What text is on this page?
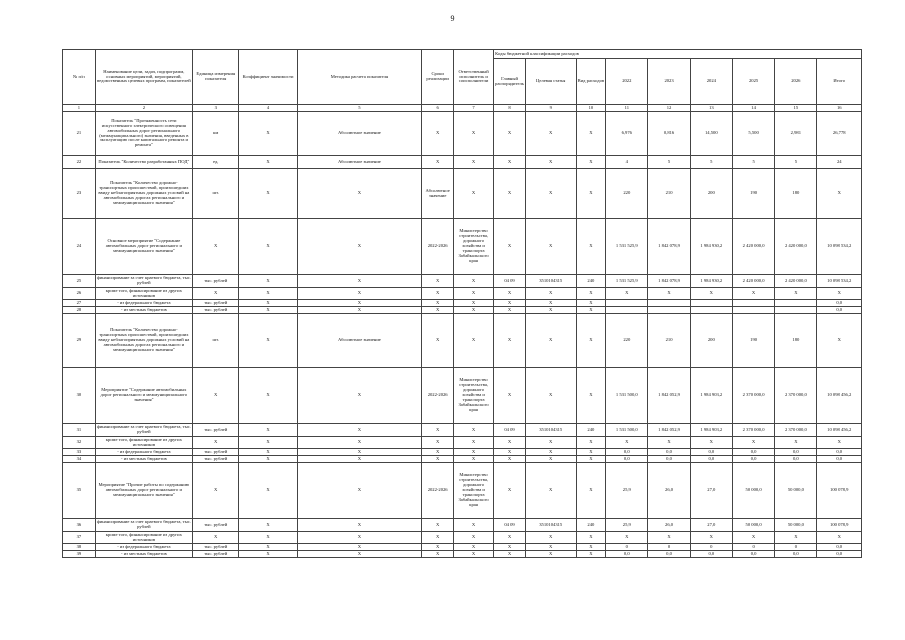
9
№ п/п	Наименование цели, задач, подпрограмм, основных мероприятий, мероприятий, ведомственных целевых программ, показателей	Единица измерения показателя	Коэффициент значимости	Методика расчета показателя	Сроки реализации	Ответственный исполнитель и соисполнители	Коды бюджетной классификации расходов								
							Главный распорядитель	Целевая статья	Вид расходов	2022	2023	2024	2025	2026	Итого
1	2	3	4	5	6	7	8	9	10	11	12	13	14	15	16
21	Показатель "Протяженность сети искусственного электрического освещения автомобильных дорог регионального (межмуниципального) значения, введенных в эксплуатацию после капитального ремонта и ремонта"	км	X	Абсолютное значение	X	X	X	X	X	6,976	0,816	14,500	5,500	2,981	26,778
22	Показатель "Количество разработанных ПОД"	ед.	X	Абсолютное значение	X	X	X	X	X	4	5	5	5	5	24
23	Показатель "Количество дорожно-транспортных происшествий, произошедших ввиду неблагоприятных дорожных условий на автомобильных дорогах регионального и межмуниципального значения"	шт.	X	X	Абсолютное значение	X	X	X	X	220	210	200	190	180	X
24	Основное мероприятие "Содержание автомобильных дорог регионального и межмуниципального значения"	X	X	X	2022-2026	Министерство строительства, дорожного хозяйства и транспорта Забайкальского края	X	X	X	1 531 525,9	1 842 078,9	1 984 930,2	2 420 000,0	2 420 000,0	10 098 534,2
25	финансирование за счет краевого бюджета, тыс. рублей	тыс. рублей	X	X	X	X	04 09	3510104315	240	1 531 525,9	1 842 078,9	1 984 930,2	2 420 000,0	2 420 000,0	10 098 534,2
26	кроме того, финансирование из других источников	X	X	X	X	X	X	X	X	X	X	X	X	X	X
27	- из федерального бюджета	тыс. рублей	X	X	X	X	X	X	X						0,0
28	- из местных бюджетов	тыс. рублей	X	X	X	X	X	X	X						0,0
29	Показатель "Количество дорожно-транспортных происшествий, произошедших ввиду неблагоприятных дорожных условий на автомобильных дорогах регионального и межмуниципального значения"	шт.	X	Абсолютное значение	X	X	X	X	X	220	210	200	190	180	X
30	Мероприятие "Содержание автомобильных дорог регионального и межмуниципального значения"	X	X	X	2022-2026	Министерство строительства, дорожного хозяйства и транспорта Забайкальского края	X	X	X	1 531 500,0	1 842 052,9	1 984 903,2	2 370 000,0	2 370 000,0	10 098 456,2
31	финансирование за счет краевого бюджета, тыс. рублей	тыс. рублей	X	X	X	X	04 09	3510104315	240	1 531 500,0	1 842 052,9	1 984 903,2	2 370 000,0	2 370 000,0	10 098 456,2
32	кроме того, финансирование из других источников	X	X	X	X	X	X	X	X	X	X	X	X	X	X
33	- из федерального бюджета	тыс. рублей	X	X	X	X	X	X	X	0,0	0,0	0,0	0,0	0,0	0,0
34	- из местных бюджетов	тыс. рублей	X	X	X	X	X	X	X	0,0	0,0	0,0	0,0	0,0	0,0
35	Мероприятие "Прочие работы по содержанию автомобильных дорог регионального и межмуниципального значения"	X	X	X	2022-2026	Министерство строительства, дорожного хозяйства и транспорта Забайкальского края	X	X	X	25,9	26,0	27,0	50 000,0	50 000,0	100 078,9
36	финансирование за счет краевого бюджета, тыс. рублей	тыс. рублей	X	X	X	X	04 09	3510104315	240	25,9	26,0	27,0	50 000,0	50 000,0	100 078,9
37	кроме того, финансирование из других источников	X	X	X	X	X	X	X	X	X	X	X	X	X	X
38	- из федерального бюджета	тыс. рублей	X	X	X	X	X	X	X	0	0	0	0	0	0,0
39	- из местных бюджетов	тыс. рублей	X	X	X	X	X	X	X	0,0	0,0	0,0	0,0	0,0	0,0
